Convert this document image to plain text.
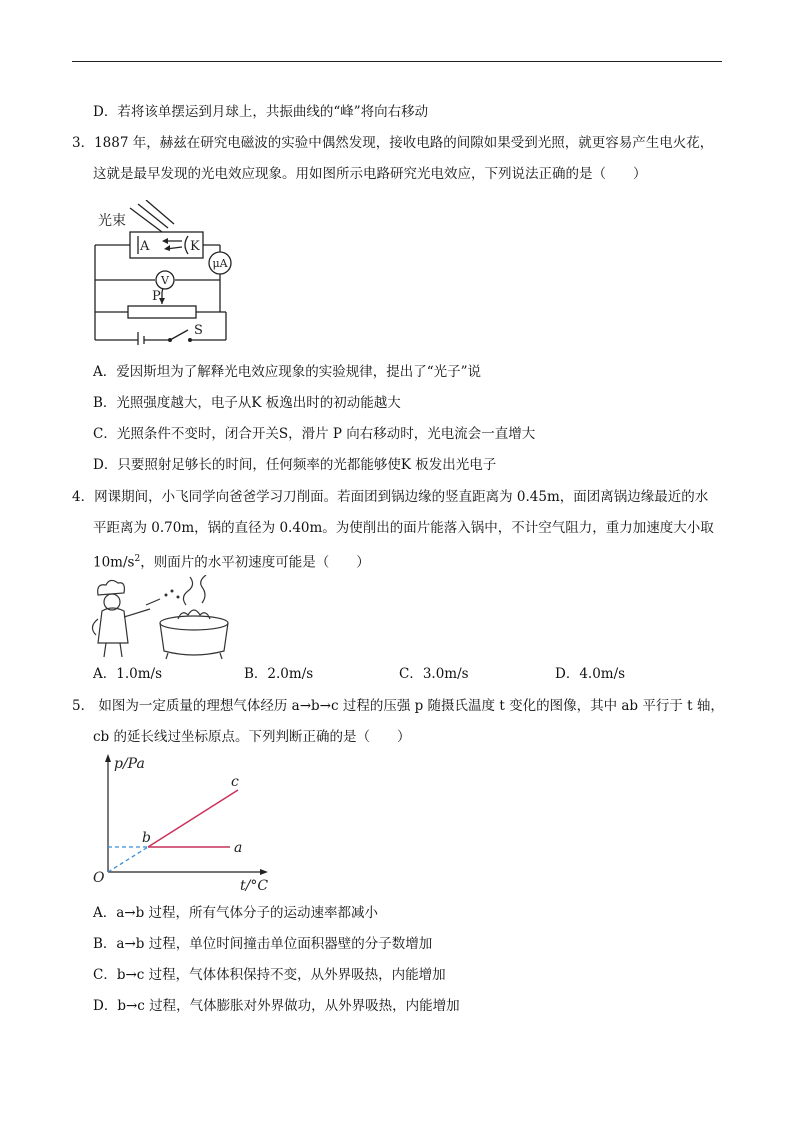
D．若将该单摆运到月球上，共振曲线的“峰”将向右移动
3．1887 年，赫兹在研究电磁波的实验中偶然发现，接收电路的间隙如果受到光照，就更容易产生电火花，
这就是最早发现的光电效应现象。用如图所示电路研究光电效应，下列说法正确的是（　　）
光束
A	K
μA
V
P
S
A．爱因斯坦为了解释光电效应现象的实验规律，提出了“光子”说
B．光照强度越大，电子从K 板逸出时的初动能越大
C．光照条件不变时，闭合开关S，滑片 P 向右移动时，光电流会一直增大
D．只要照射足够长的时间，任何频率的光都能够使K 板发出光电子
4．网课期间，小飞同学向爸爸学习刀削面。若面团到锅边缘的竖直距离为 0.45m，面团离锅边缘最近的水
平距离为 0.70m，锅的直径为 0.40m。为使削出的面片能落入锅中，不计空气阻力，重力加速度大小取
$10m/s^2$，则面片的水平初速度可能是（　　）
A．1.0m/s	B．2.0m/s	C．3.0m/s	D．4.0m/s
5． 如图为一定质量的理想气体经历 a→b→c 过程的压强 p 随摄氏温度 t 变化的图像，其中 ab 平行于 t 轴，
cb 的延长线过坐标原点。下列判断正确的是（　　）
p/Pa
t/°C
O
a
b
c
A．a→b 过程，所有气体分子的运动速率都减小
B．a→b 过程，单位时间撞击单位面积器壁的分子数增加
C．b→c 过程，气体体积保持不变，从外界吸热，内能增加
D．b→c 过程，气体膨胀对外界做功，从外界吸热，内能增加
